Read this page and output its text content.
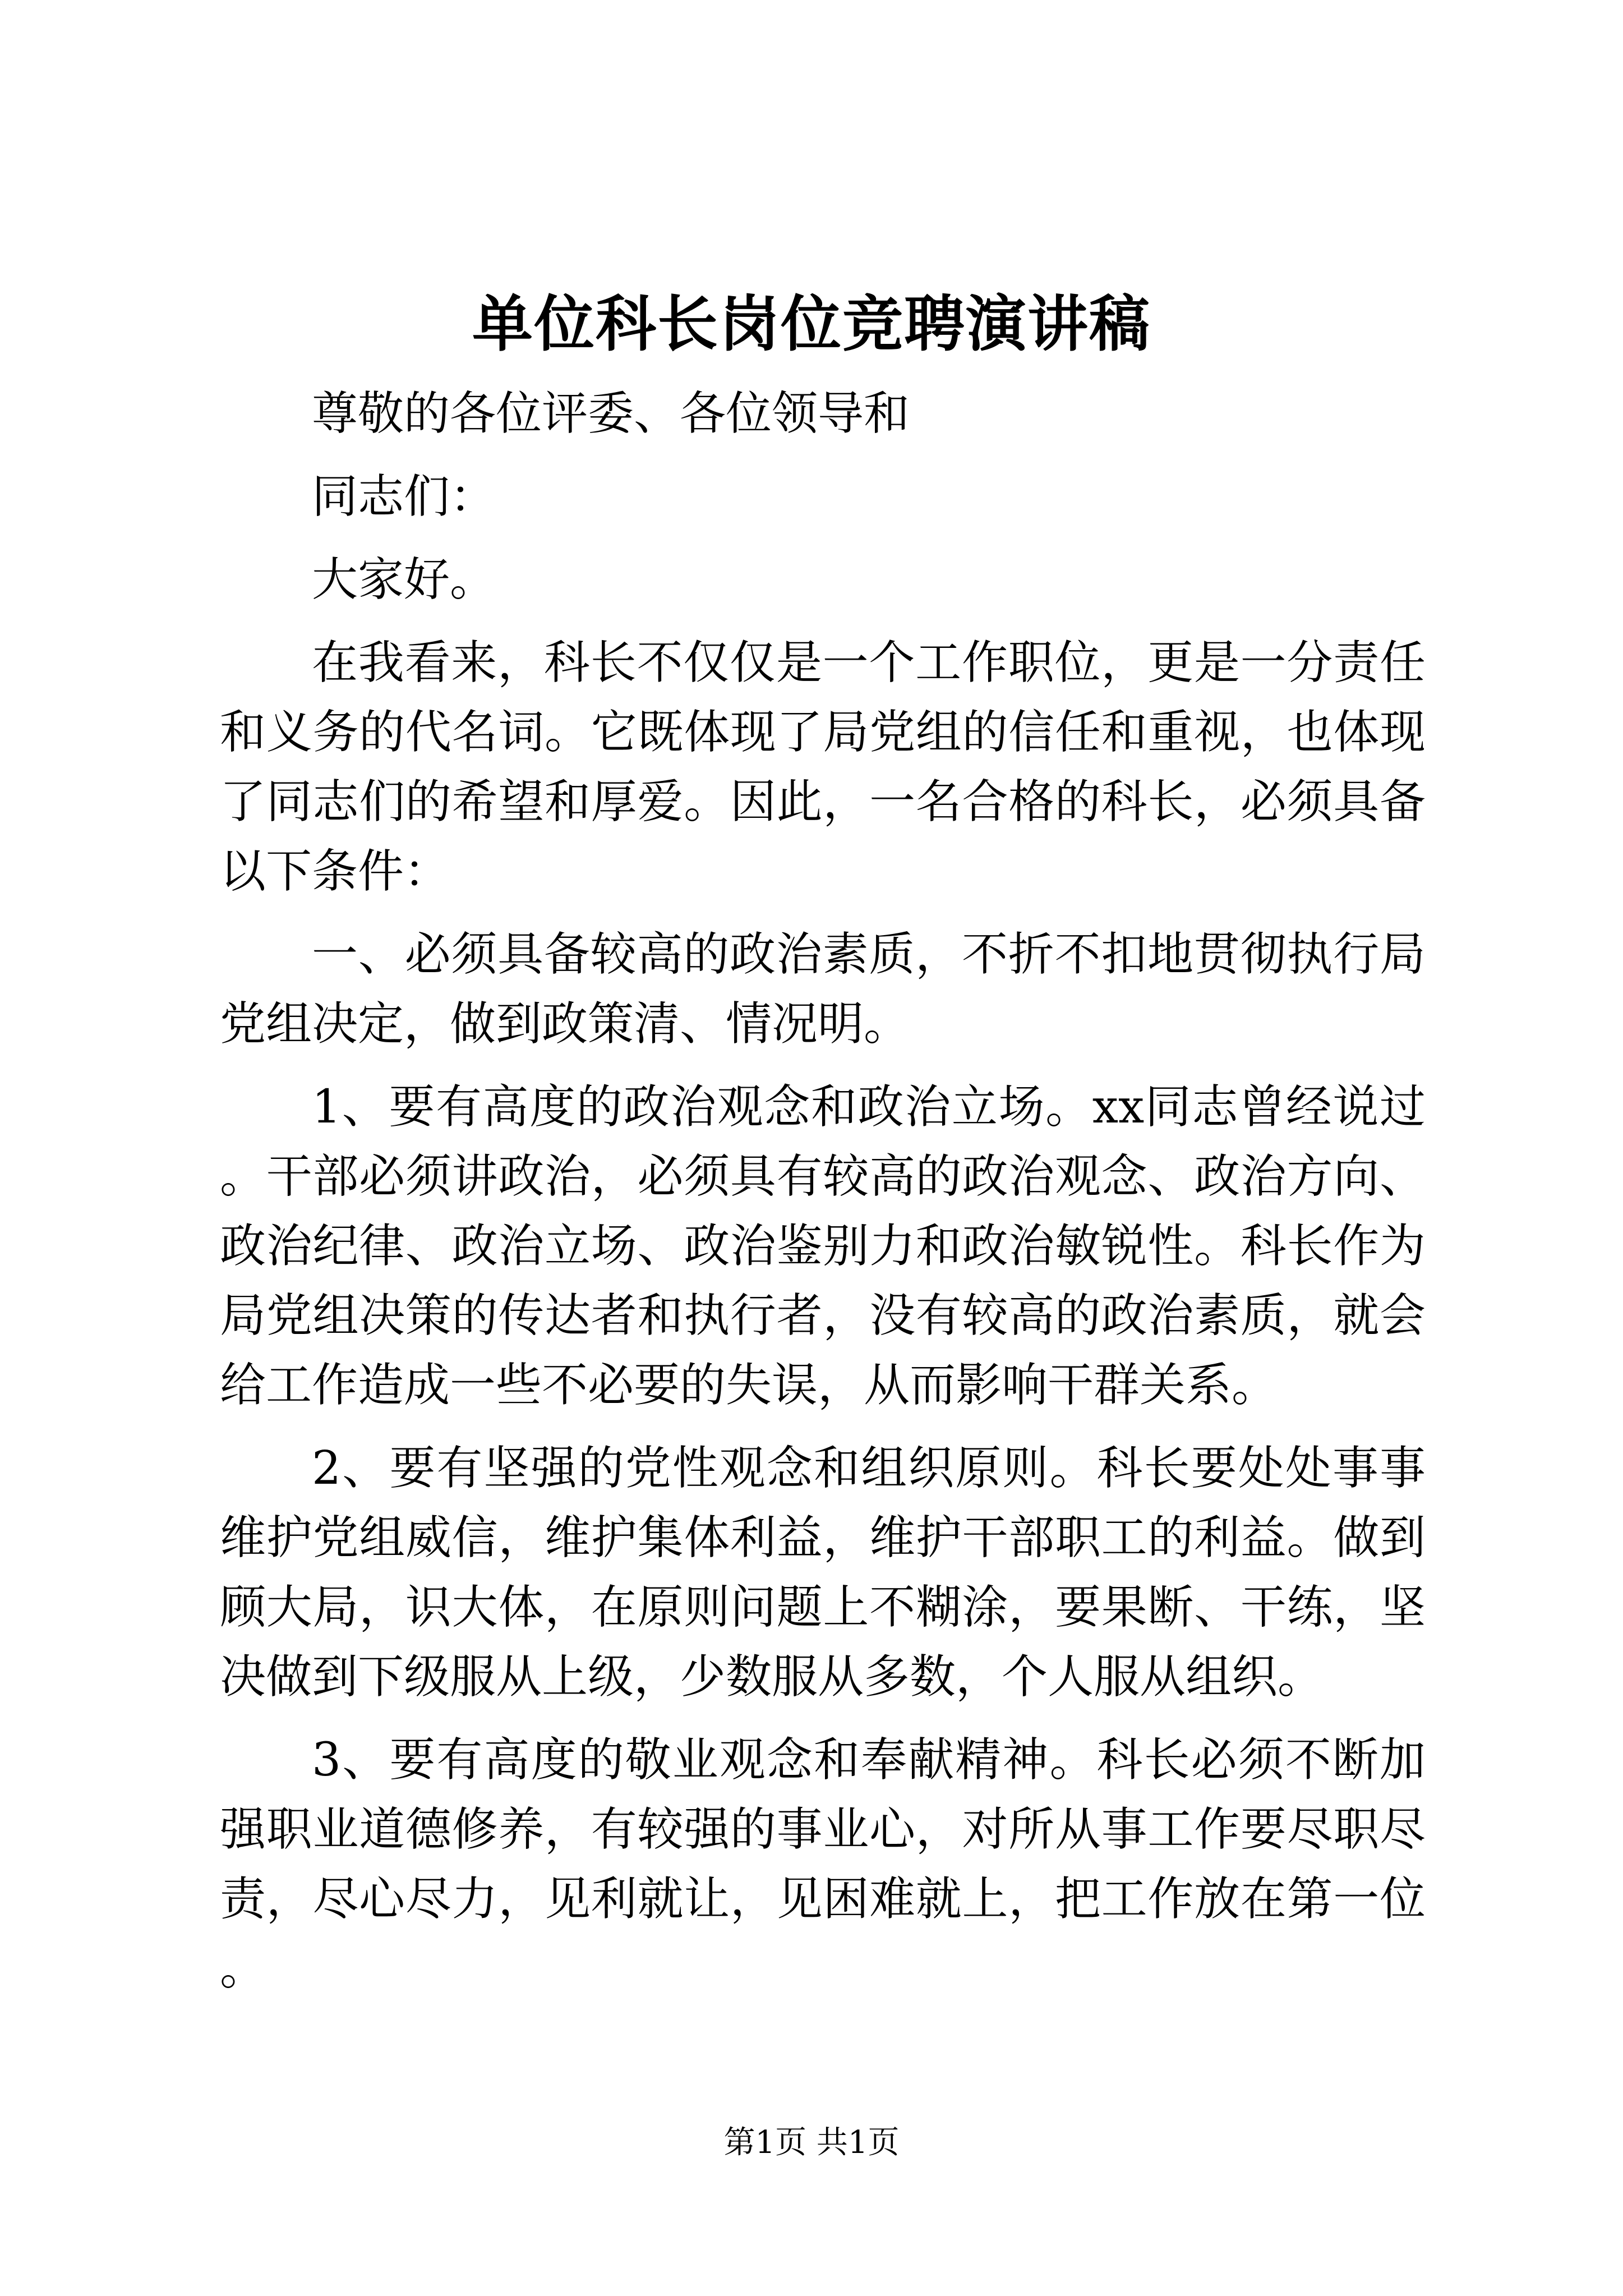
单位科长岗位竞聘演讲稿

尊敬的各位评委、各位领导和

同志们：

大家好。

在我看来，科长不仅仅是一个工作职位，更是一分责任和义务的代名词。它既体现了局党组的信任和重视，也体现了同志们的希望和厚爱。因此，一名合格的科长，必须具备以下条件：

一、必须具备较高的政治素质，不折不扣地贯彻执行局党组决定，做到政策清、情况明。

1、要有高度的政治观念和政治立场。xx同志曾经说过。干部必须讲政治，必须具有较高的政治观念、政治方向、政治纪律、政治立场、政治鉴别力和政治敏锐性。科长作为局党组决策的传达者和执行者，没有较高的政治素质，就会给工作造成一些不必要的失误，从而影响干群关系。

2、要有坚强的党性观念和组织原则。科长要处处事事维护党组威信，维护集体利益，维护干部职工的利益。做到顾大局，识大体，在原则问题上不糊涂，要果断、干练，坚决做到下级服从上级，少数服从多数，个人服从组织。

3、要有高度的敬业观念和奉献精神。科长必须不断加强职业道德修养，有较强的事业心，对所从事工作要尽职尽责，尽心尽力，见利就让，见困难就上，把工作放在第一位。

第1页 共1页
